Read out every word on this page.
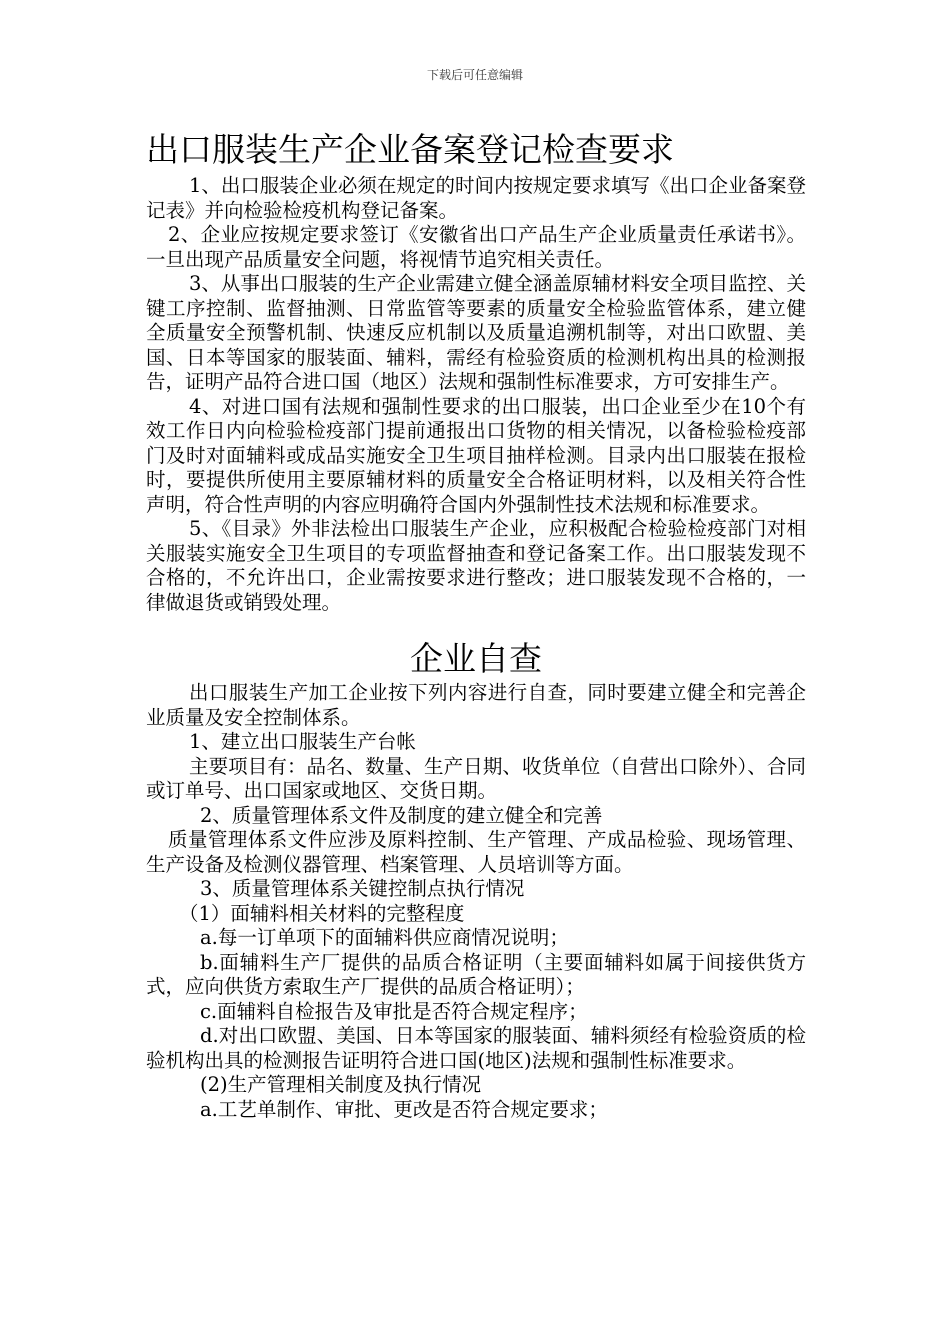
下载后可任意编辑
出口服装生产企业备案登记检查要求

1、出口服装企业必须在规定的时间内按规定要求填写《出口企业备案登记表》并向检验检疫机构登记备案。

2、企业应按规定要求签订《安徽省出口产品生产企业质量责任承诺书》。一旦出现产品质量安全问题，将视情节追究相关责任。

3、从事出口服装的生产企业需建立健全涵盖原辅材料安全项目监控、关键工序控制、监督抽测、日常监管等要素的质量安全检验监管体系，建立健全质量安全预警机制、快速反应机制以及质量追溯机制等，对出口欧盟、美国、日本等国家的服装面、辅料，需经有检验资质的检测机构出具的检测报告，证明产品符合进口国（地区）法规和强制性标准要求，方可安排生产。

4、对进口国有法规和强制性要求的出口服装，出口企业至少在10个有效工作日内向检验检疫部门提前通报出口货物的相关情况，以备检验检疫部门及时对面辅料或成品实施安全卫生项目抽样检测。目录内出口服装在报检时，要提供所使用主要原辅材料的质量安全合格证明材料，以及相关符合性声明，符合性声明的内容应明确符合国内外强制性技术法规和标准要求。

5、《目录》外非法检出口服装生产企业，应积极配合检验检疫部门对相关服装实施安全卫生项目的专项监督抽查和登记备案工作。出口服装发现不合格的，不允许出口，企业需按要求进行整改；进口服装发现不合格的，一律做退货或销毁处理。

企业自查

出口服装生产加工企业按下列内容进行自查，同时要建立健全和完善企业质量及安全控制体系。

1、建立出口服装生产台帐

主要项目有：品名、数量、生产日期、收货单位（自营出口除外）、合同或订单号、出口国家或地区、交货日期。

2、质量管理体系文件及制度的建立健全和完善

质量管理体系文件应涉及原料控制、生产管理、产成品检验、现场管理、生产设备及检测仪器管理、档案管理、人员培训等方面。

3、质量管理体系关键控制点执行情况

（1）面辅料相关材料的完整程度

a.每一订单项下的面辅料供应商情况说明；

b.面辅料生产厂提供的品质合格证明（主要面辅料如属于间接供货方式，应向供货方索取生产厂提供的品质合格证明）；

c.面辅料自检报告及审批是否符合规定程序；

d.对出口欧盟、美国、日本等国家的服装面、辅料须经有检验资质的检验机构出具的检测报告证明符合进口国(地区)法规和强制性标准要求。

(2)生产管理相关制度及执行情况

a.工艺单制作、审批、更改是否符合规定要求；
